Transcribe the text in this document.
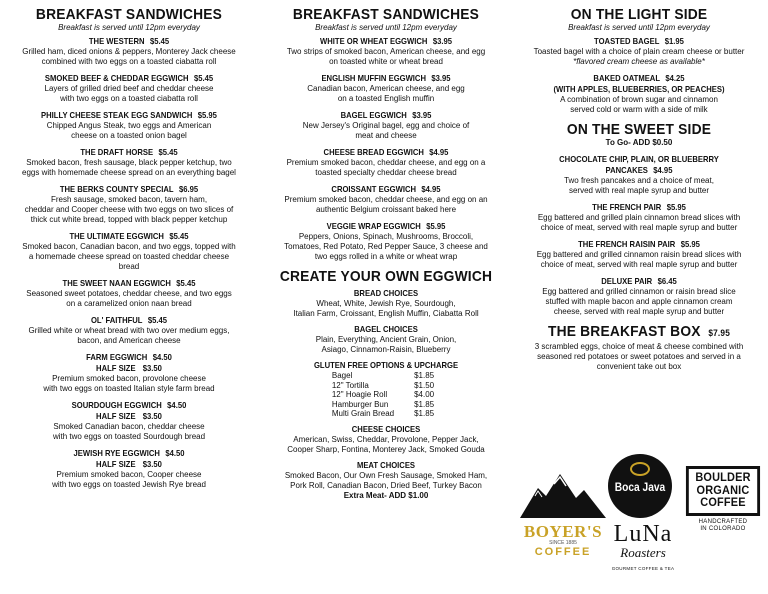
BREAKFAST SANDWICHES
Breakfast is served until 12pm everyday
THE WESTERN $5.45
Grilled ham, diced onions & peppers, Monterey Jack cheese
combined with two eggs on a toasted ciabatta roll
SMOKED BEEF & CHEDDAR EGGWICH $5.45
Layers of grilled dried beef and cheddar cheese
with two eggs on a toasted ciabatta roll
PHILLY CHEESE STEAK EGG SANDWICH $5.95
Chipped Angus Steak, two eggs and American
cheese on a toasted onion bagel
THE DRAFT HORSE $5.45
Smoked bacon, fresh sausage, black pepper ketchup, two
eggs with homemade cheese spread on an everything bagel
THE BERKS COUNTY SPECIAL $6.95
Fresh sausage, smoked bacon, tavern ham,
cheddar and Cooper cheese with two eggs on two slices of
thick cut white bread, topped with black pepper ketchup
THE ULTIMATE EGGWICH $5.45
Smoked bacon, Canadian bacon, and two eggs, topped with
a homemade cheese spread on toasted cheddar cheese
bread
THE SWEET NAAN EGGWICH $5.45
Seasoned sweet potatoes, cheddar cheese, and two eggs
on a caramelized onion naan bread
OL' FAITHFUL $5.45
Grilled white or wheat bread with two over medium eggs,
bacon, and American cheese
FARM EGGWICH $4.50
HALF SIZE $3.50
Premium smoked bacon, provolone cheese
with two eggs on toasted Italian style farm bread
SOURDOUGH EGGWICH $4.50
HALF SIZE $3.50
Smoked Canadian bacon, cheddar cheese
with two eggs on toasted Sourdough bread
JEWISH RYE EGGWICH $4.50
HALF SIZE $3.50
Premium smoked bacon, Cooper cheese
with two eggs on toasted Jewish Rye bread
BREAKFAST SANDWICHES
Breakfast is served until 12pm everyday
WHITE OR WHEAT EGGWICH $3.95
Two strips of smoked bacon, American cheese, and egg
on toasted white or wheat bread
ENGLISH MUFFIN EGGWICH $3.95
Canadian bacon, American cheese, and egg
on a toasted English muffin
BAGEL EGGWICH $3.95
New Jersey's Original bagel, egg and choice of
meat and cheese
CHEESE BREAD EGGWICH $4.95
Premium smoked bacon, cheddar cheese, and egg on a
toasted specialty cheddar cheese bread
CROISSANT EGGWICH $4.95
Premium smoked bacon, cheddar cheese, and egg on an
authentic Belgium croissant baked here
VEGGIE WRAP EGGWICH $5.95
Peppers, Onions, Spinach, Mushrooms, Broccoli,
Tomatoes, Red Potato, Red Pepper Sauce, 3 cheese and
two eggs rolled in a white or wheat wrap
CREATE YOUR OWN EGGWICH
BREAD CHOICES
Wheat, White, Jewish Rye, Sourdough,
Italian Farm, Croissant, English Muffin, Ciabatta Roll
BAGEL CHOICES
Plain, Everything, Ancient Grain, Onion,
Asiago, Cinnamon-Raisin, Blueberry
GLUTEN FREE OPTIONS & UPCHARGE
Bagel	$1.85
12" Tortilla	$1.50
12" Hoagie Roll	$4.00
Hamburger Bun	$1.85
Multi Grain Bread	$1.85
CHEESE CHOICES
American, Swiss, Cheddar, Provolone, Pepper Jack,
Cooper Sharp, Fontina, Monterey Jack, Smoked Gouda
MEAT CHOICES
Smoked Bacon, Our Own Fresh Sausage, Smoked Ham,
Pork Roll, Canadian Bacon, Dried Beef, Turkey Bacon
Extra Meat- ADD $1.00
ON THE LIGHT SIDE
Breakfast is served until 12pm everyday
TOASTED BAGEL $1.95
Toasted bagel with a choice of plain cream cheese or butter
*flavored cream cheese as available*
BAKED OATMEAL $4.25
(WITH APPLES, BLUEBERRIES, OR PEACHES)
A combination of brown sugar and cinnamon
served cold or warm with a side of milk
ON THE SWEET SIDE
To Go- ADD $0.50
CHOCOLATE CHIP, PLAIN, OR BLUEBERRY PANCAKES $4.95
Two fresh pancakes and a choice of meat,
served with real maple syrup and butter
THE FRENCH PAIR $5.95
Egg battered and grilled plain cinnamon bread slices with
choice of meat, served with real maple syrup and butter
THE FRENCH RAISIN PAIR $5.95
Egg battered and grilled cinnamon raisin bread slices with
choice of meat, served with real maple syrup and butter
DELUXE PAIR $6.45
Egg battered and grilled cinnamon or raisin bread slice
stuffed with maple bacon and apple cinnamon cream
cheese, served with real maple syrup and butter
THE BREAKFAST BOX $7.95
3 scrambled eggs, choice of meat & cheese combined with
seasoned red potatoes or sweet potatoes and served in a
convenient take out box
BOYER'S
SINCE 1885
COFFEE
Boca Java
LuNa
Roasters
GOURMET COFFEE & TEA
BOULDER
ORGANIC
COFFEE
HANDCRAFTED
IN COLORADO
